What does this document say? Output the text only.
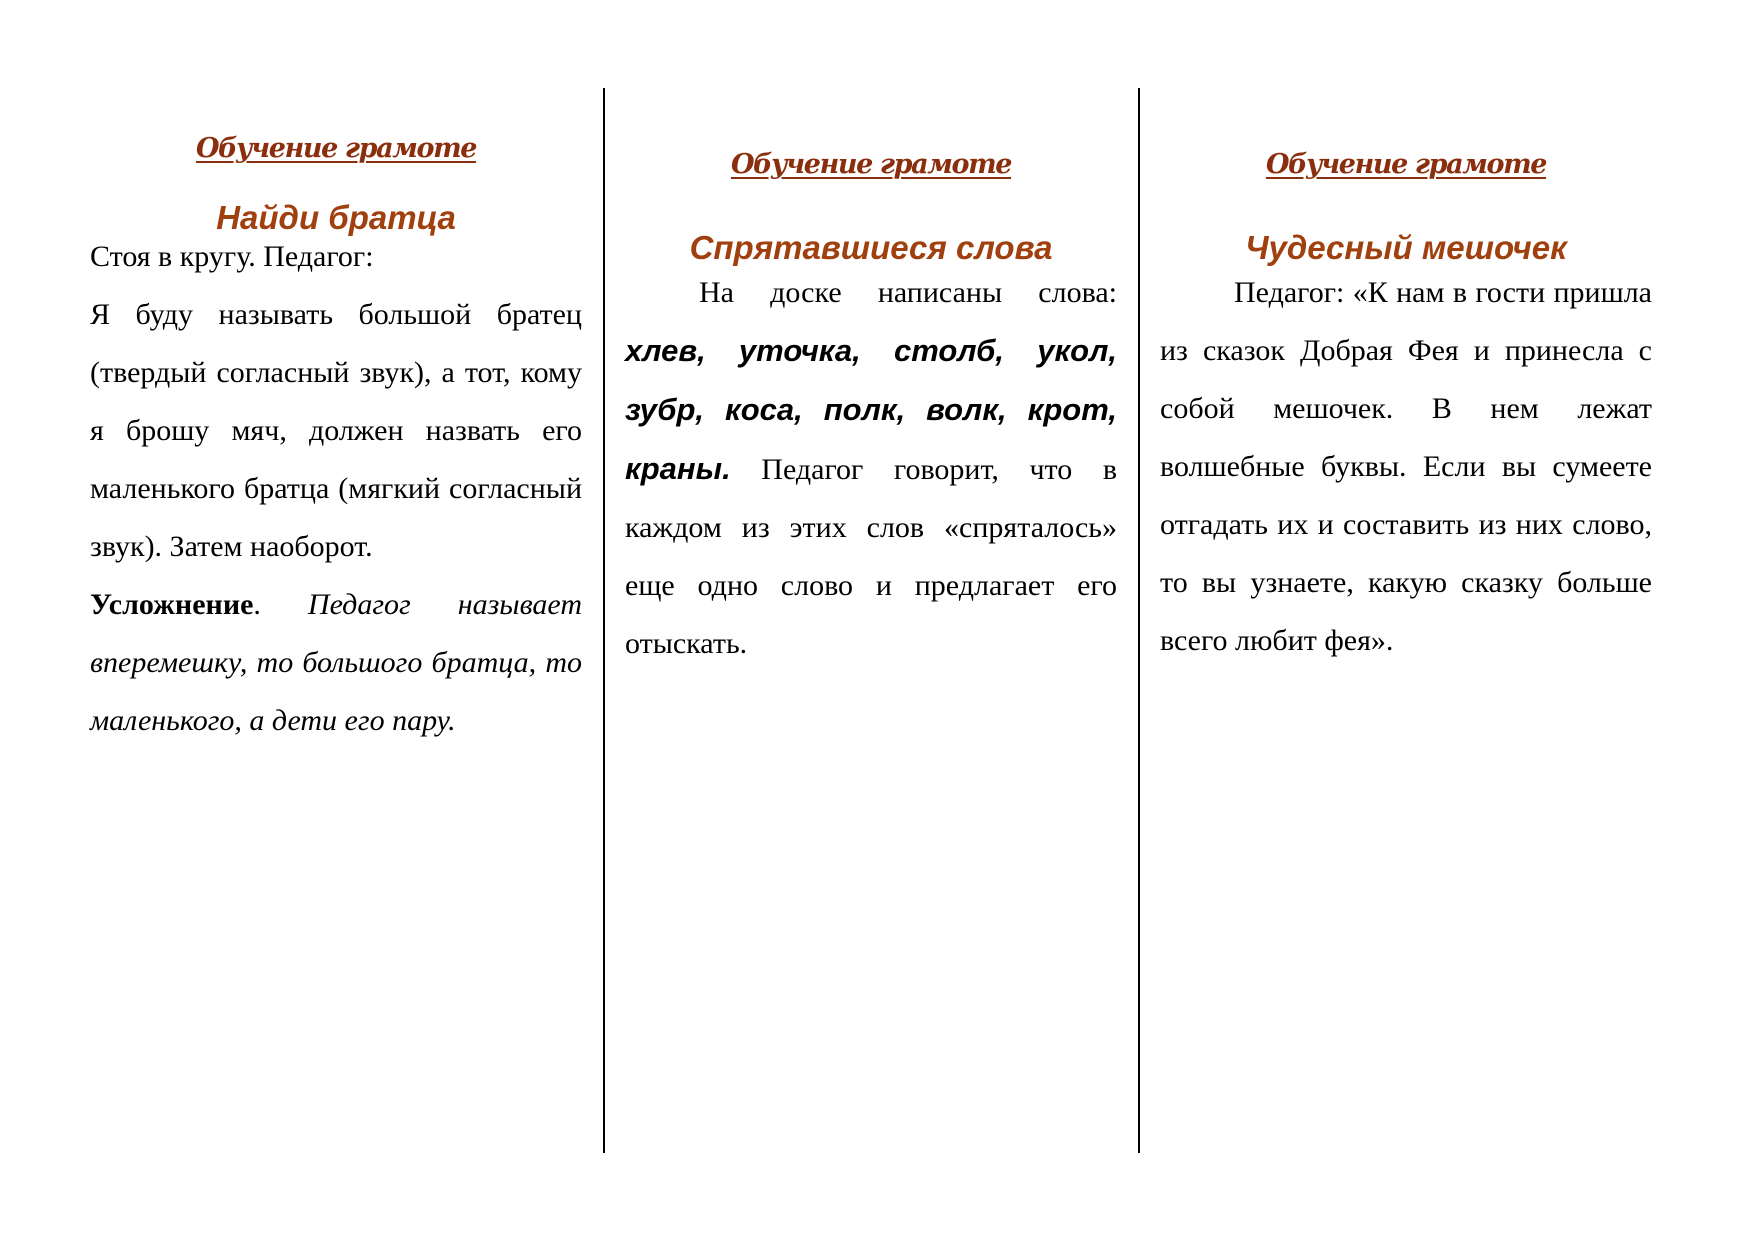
Обучение грамоте

Найди братца

Стоя в кругу. Педагог:

Я буду называть большой братец (твердый согласный звук), а тот, кому я брошу мяч, должен назвать его маленького братца (мягкий согласный звук). Затем наоборот.

Усложнение. Педагог называет вперемешку, то большого братца, то маленького, а дети его пару.

Обучение грамоте

Спрятавшиеся слова

На доске написаны слова: хлев, уточка, столб, укол, зубр, коса, полк, волк, крот, краны. Педагог говорит, что в каждом из этих слов «спряталось» еще одно слово и предлагает его отыскать.

Обучение грамоте

Чудесный мешочек

Педагог: «К нам в гости пришла из сказок Добрая Фея и принесла с собой мешочек. В нем лежат волшебные буквы. Если вы сумеете отгадать их и составить из них слово, то вы узнаете, какую сказку больше всего любит фея».
